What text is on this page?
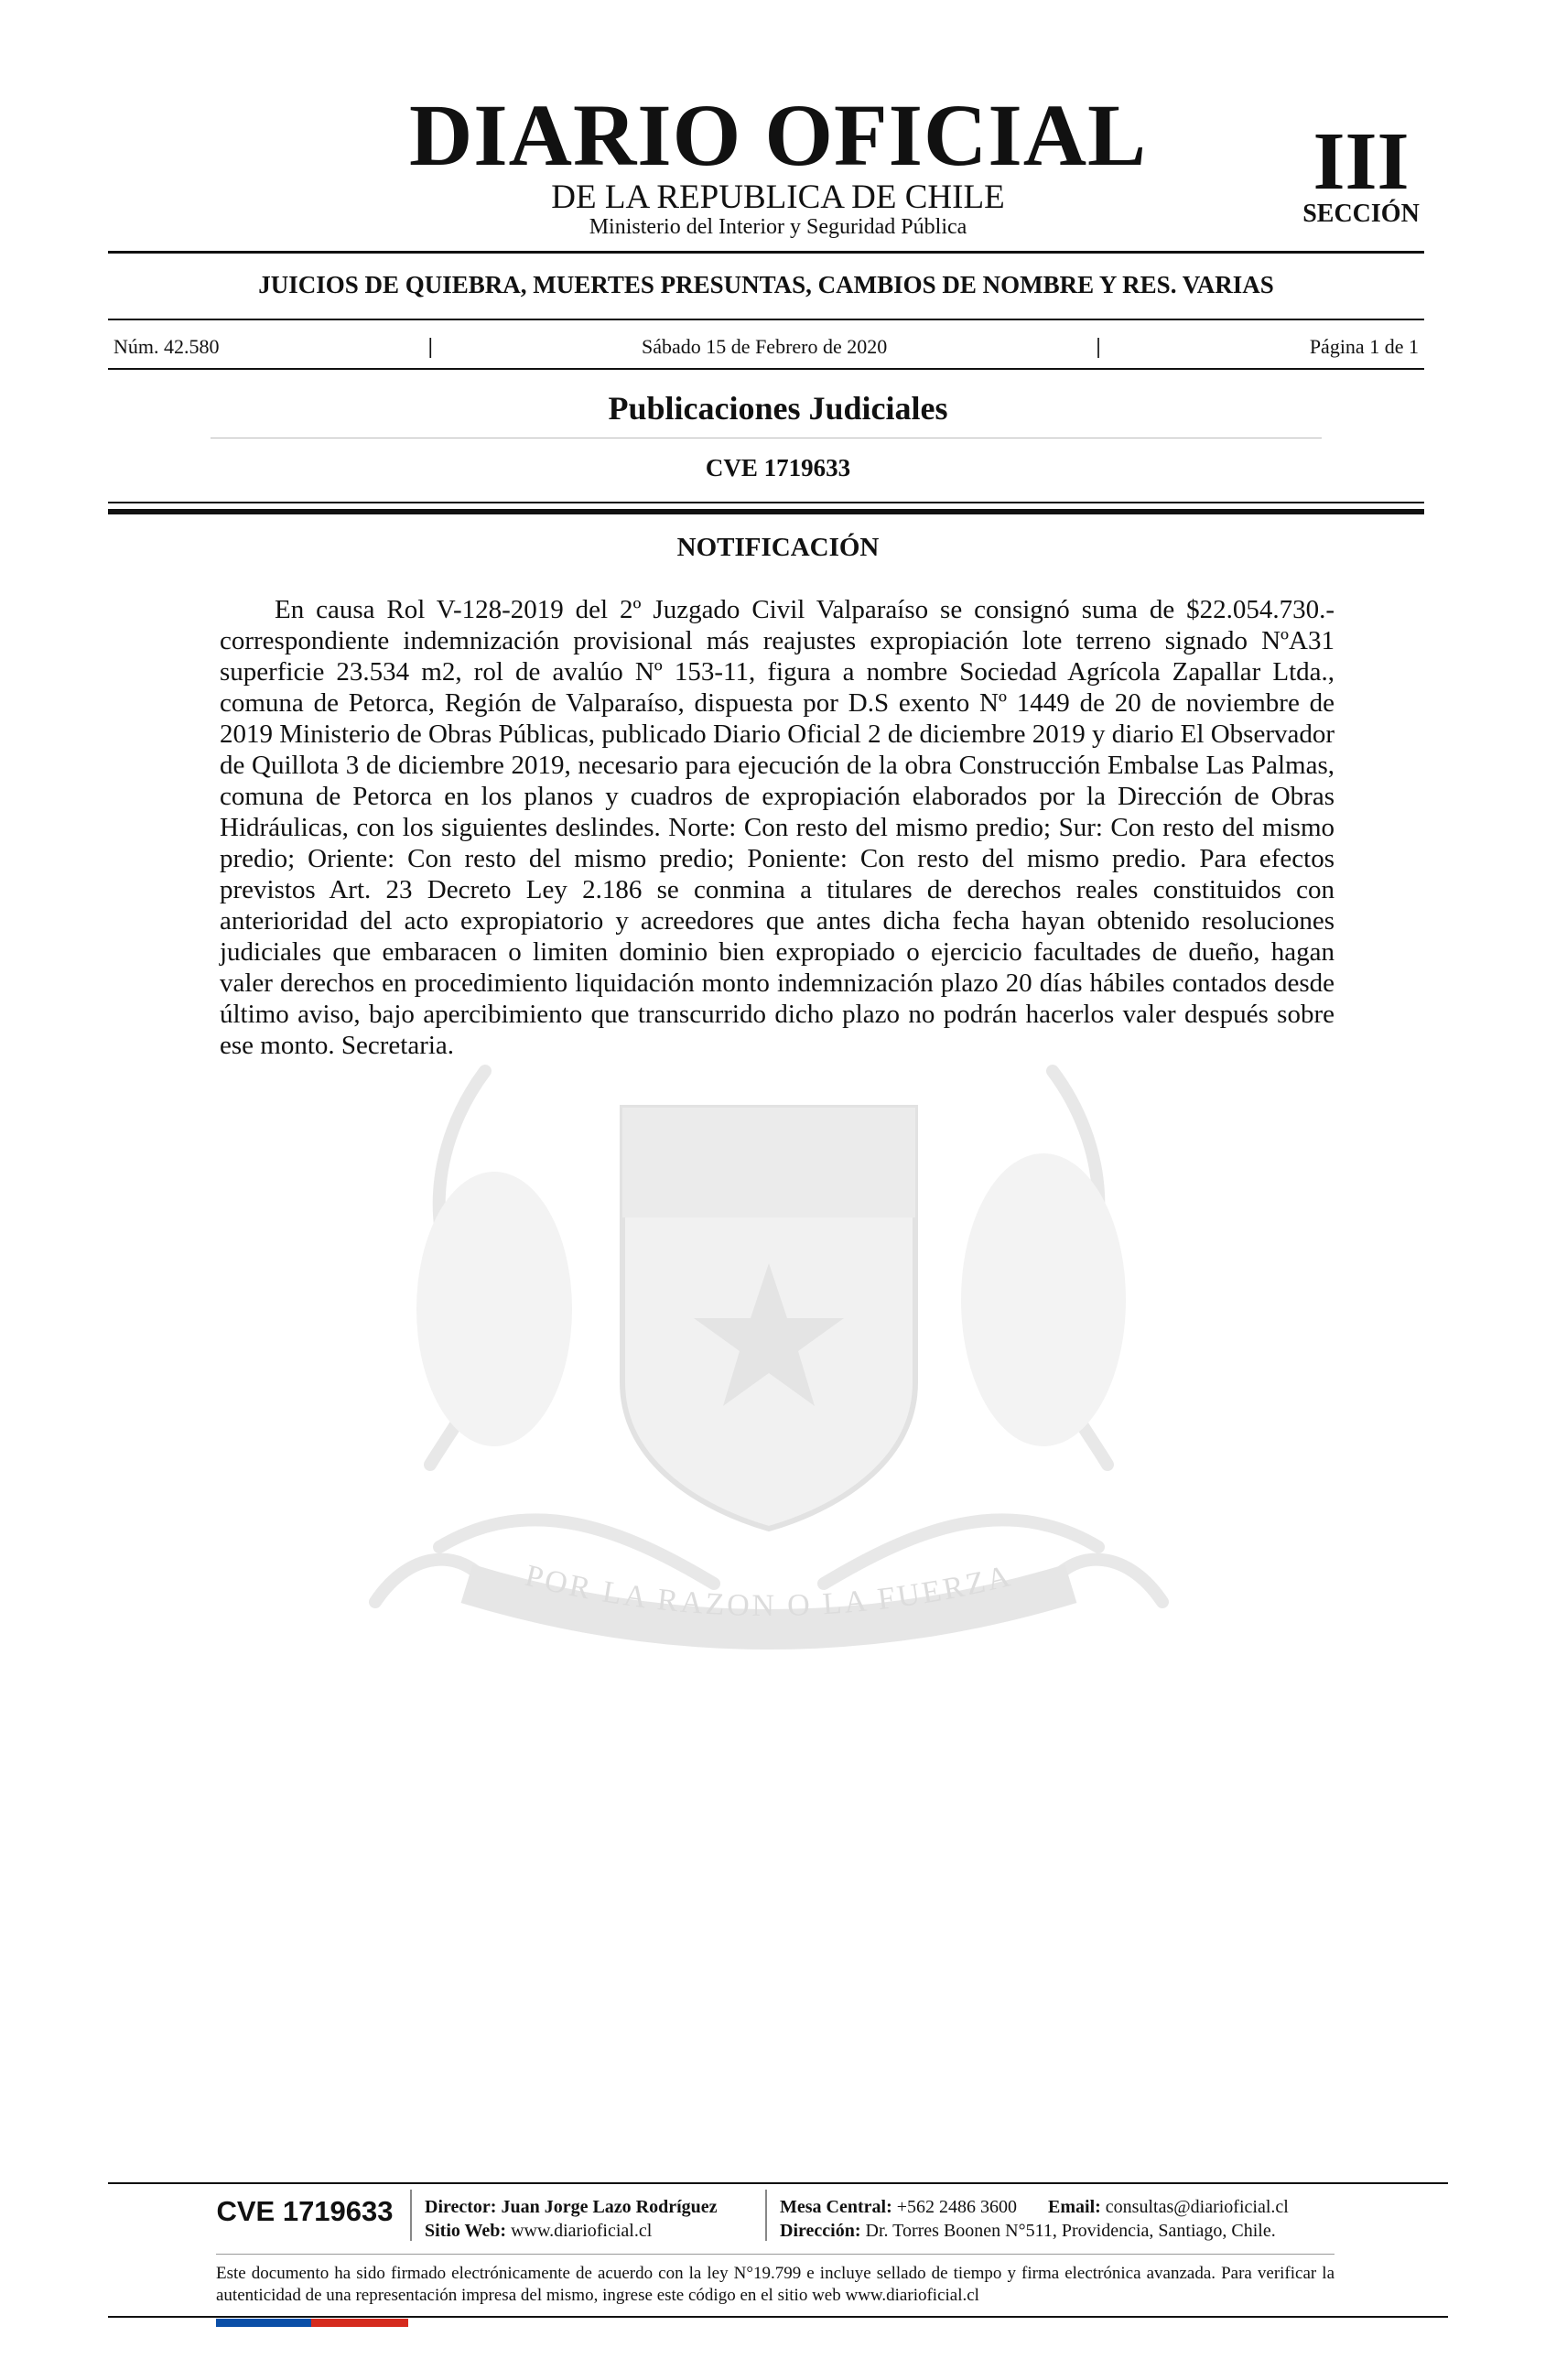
DIARIO OFICIAL
DE LA REPUBLICA DE CHILE
Ministerio del Interior y Seguridad Pública
III
SECCIÓN
JUICIOS DE QUIEBRA, MUERTES PRESUNTAS, CAMBIOS DE NOMBRE Y RES. VARIAS
Núm. 42.580	|	Sábado 15 de Febrero de 2020	|	Página 1 de 1
Publicaciones Judiciales
CVE 1719633
POR LA RAZON O LA FUERZA
NOTIFICACIÓN

En causa Rol V-128-2019 del 2º Juzgado Civil Valparaíso se consignó suma de $22.054.730.- correspondiente indemnización provisional más reajustes expropiación lote terreno signado NºA31 superficie 23.534 m2, rol de avalúo Nº 153-11, figura a nombre Sociedad Agrícola Zapallar Ltda., comuna de Petorca, Región de Valparaíso, dispuesta por D.S exento Nº 1449 de 20 de noviembre de 2019 Ministerio de Obras Públicas, publicado Diario Oficial 2 de diciembre 2019 y diario El Observador de Quillota 3 de diciembre 2019, necesario para ejecución de la obra Construcción Embalse Las Palmas, comuna de Petorca en los planos y cuadros de expropiación elaborados por la Dirección de Obras Hidráulicas, con los siguientes deslindes. Norte: Con resto del mismo predio; Sur: Con resto del mismo predio; Oriente: Con resto del mismo predio; Poniente: Con resto del mismo predio. Para efectos previstos Art. 23 Decreto Ley 2.186 se conmina a titulares de derechos reales constituidos con anterioridad del acto expropiatorio y acreedores que antes dicha fecha hayan obtenido resoluciones judiciales que embaracen o limiten dominio bien expropiado o ejercicio facultades de dueño, hagan valer derechos en procedimiento liquidación monto indemnización plazo 20 días hábiles contados desde último aviso, bajo apercibimiento que transcurrido dicho plazo no podrán hacerlos valer después sobre ese monto. Secretaria.

CVE 1719633	Director: Juan Jorge Lazo Rodríguez
Sitio Web: www.diarioficial.cl
Mesa Central: +562 2486 3600 Email: consultas@diarioficial.cl
Dirección: Dr. Torres Boonen N°511, Providencia, Santiago, Chile.
Este documento ha sido firmado electrónicamente de acuerdo con la ley N°19.799 e incluye sellado de tiempo y firma electrónica avanzada. Para verificar la autenticidad de una representación impresa del mismo, ingrese este código en el sitio web www.diarioficial.cl
